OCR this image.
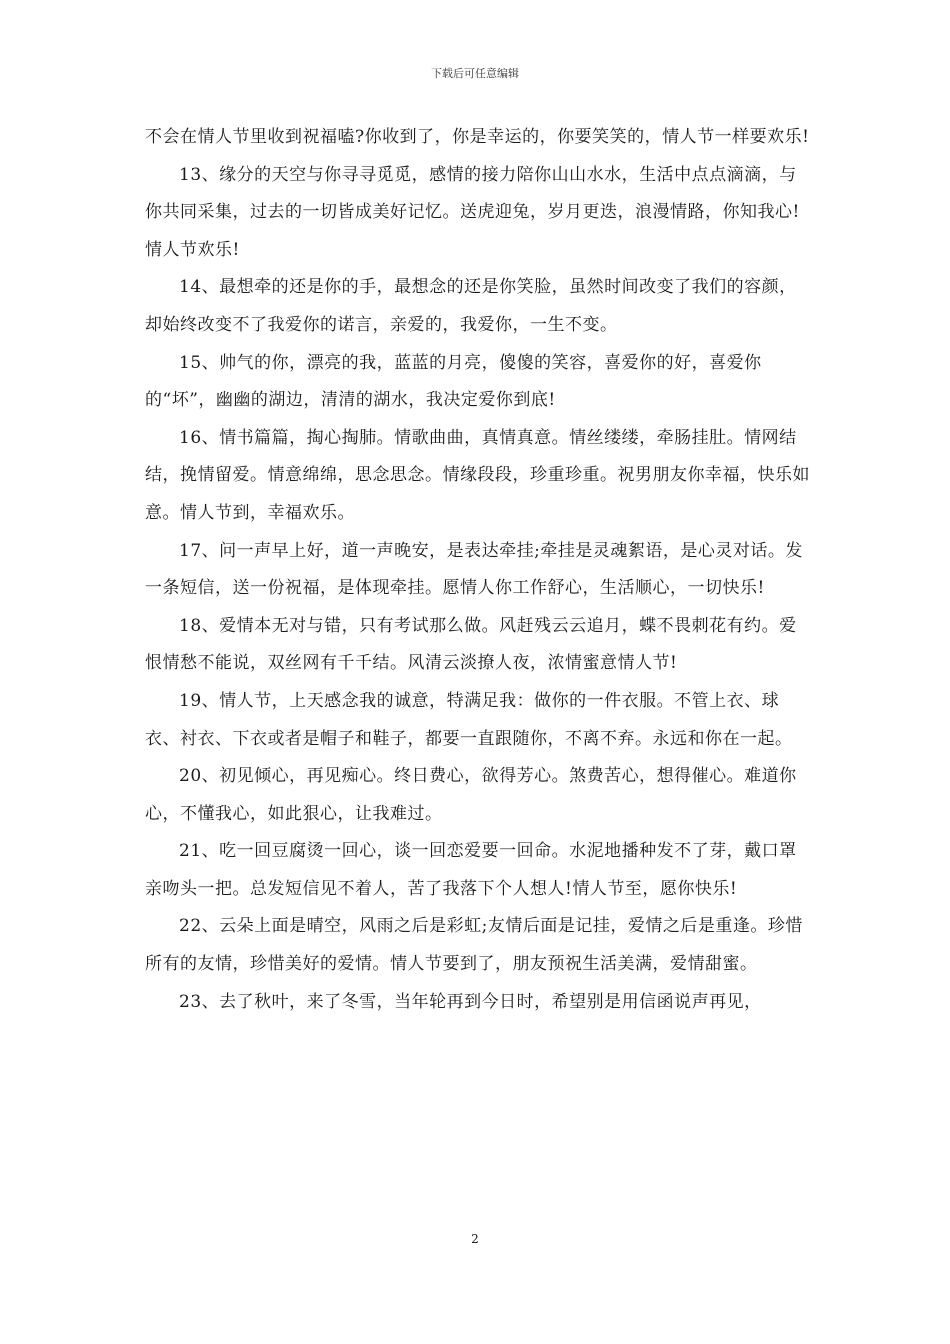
下载后可任意编辑

不会在情人节里收到祝福嗑?你收到了，你是幸运的，你要笑笑的，情人节一样要欢乐!

13、缘分的天空与你寻寻觅觅，感情的接力陪你山山水水，生活中点点滴滴，与你共同采集，过去的一切皆成美好记忆。送虎迎兔，岁月更迭，浪漫情路，你知我心!情人节欢乐!

14、最想牵的还是你的手，最想念的还是你笑脸，虽然时间改变了我们的容颜，却始终改变不了我爱你的诺言，亲爱的，我爱你，一生不变。

15、帅气的你，漂亮的我，蓝蓝的月亮，傻傻的笑容，喜爱你的好，喜爱你的“坏”，幽幽的湖边，清清的湖水，我决定爱你到底!

16、情书篇篇，掏心掏肺。情歌曲曲，真情真意。情丝缕缕，牵肠挂肚。情网结结，挽情留爱。情意绵绵，思念思念。情缘段段，珍重珍重。祝男朋友你幸福，快乐如意。情人节到，幸福欢乐。

17、问一声早上好，道一声晚安，是表达牵挂;牵挂是灵魂絮语，是心灵对话。发一条短信，送一份祝福，是体现牵挂。愿情人你工作舒心，生活顺心，一切快乐!

18、爱情本无对与错，只有考试那么做。风赶残云云追月，蝶不畏刺花有约。爱恨情愁不能说，双丝网有千千结。风清云淡撩人夜，浓情蜜意情人节!

19、情人节，上天感念我的诚意，特满足我：做你的一件衣服。不管上衣、球衣、衬衣、下衣或者是帽子和鞋子，都要一直跟随你，不离不弃。永远和你在一起。

20、初见倾心，再见痴心。终日费心，欲得芳心。煞费苦心，想得催心。难道你心，不懂我心，如此狠心，让我难过。

21、吃一回豆腐烫一回心，谈一回恋爱要一回命。水泥地播种发不了芽，戴口罩亲吻头一把。总发短信见不着人，苦了我落下个人想人!情人节至，愿你快乐!

22、云朵上面是晴空，风雨之后是彩虹;友情后面是记挂，爱情之后是重逢。珍惜所有的友情，珍惜美好的爱情。情人节要到了，朋友预祝生活美满，爱情甜蜜。

23、去了秋叶，来了冬雪，当年轮再到今日时，希望别是用信函说声再见，

2
